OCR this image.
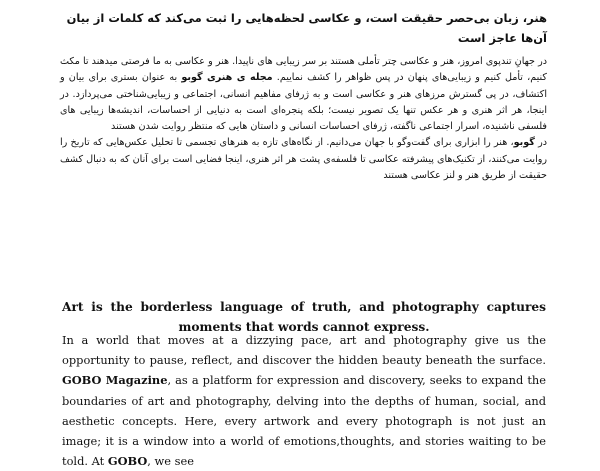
هنر، زبان بی‌حصر حقیقت است، و عکاسی لحظه‌هایی را ثبت می‌کند که کلمات از بیان آن‌ها عاجز است

در جهانِ تندپوی امروز، هنر و عکاسی چتر تأملی هستند بر سر زیبایی های ناپیدا. هنر و عکاسی به ما فرصتی میدهند تا مکث کنیم، تأمل کنیم و زیبایی‌های پنهان در پس ظواهر را کشف نماییم. مجله ی هنری گوبو به عنوان بستری برای بیان و اکتشاف، در پی گسترش مرزهای هنر و عکاسی است و به ژرفای مفاهیم انسانی، اجتماعی و زیبایی‌شناختی می‌پردازد. در اینجا، هر اثر هنری و هر عکس تنها یک تصویر نیست؛ بلکه پنجره‌ای است به دنیایی از احساسات، اندیشه‌ها زیبایی های فلسفی ناشنیده، اسرار اجتماعی ناگفته، ژرفای احساسات انسانی و داستان هایی که منتظر روایت شدن هستند

در گوبو، هنر را ابزاری برای گفت‌وگو با جهان می‌دانیم. از نگاه‌های تازه به هنرهای تجسمی تا تحلیل عکس‌هایی که تاریخ را روایت می‌کنند، از تکنیک‌های پیشرفته عکاسی تا فلسفه‌ی پشت هر اثر هنری، اینجا فضایی است برای آنان که به دنبال کشف حقیقت از طریق هنر و لنز عکاسی هستند

Art is the borderless language of truth, and photography captures moments that words cannot express.

In a world that moves at a dizzying pace, art and photography give us the opportunity to pause, reflect, and discover the hidden beauty beneath the surface. GOBO Magazine, as a platform for expression and discovery, seeks to expand the boundaries of art and photography, delving into the depths of human, social, and aesthetic concepts. Here, every artwork and every photograph is not just an image; it is a window into a world of emotions,thoughts, and stories waiting to be told. At GOBO, we see
